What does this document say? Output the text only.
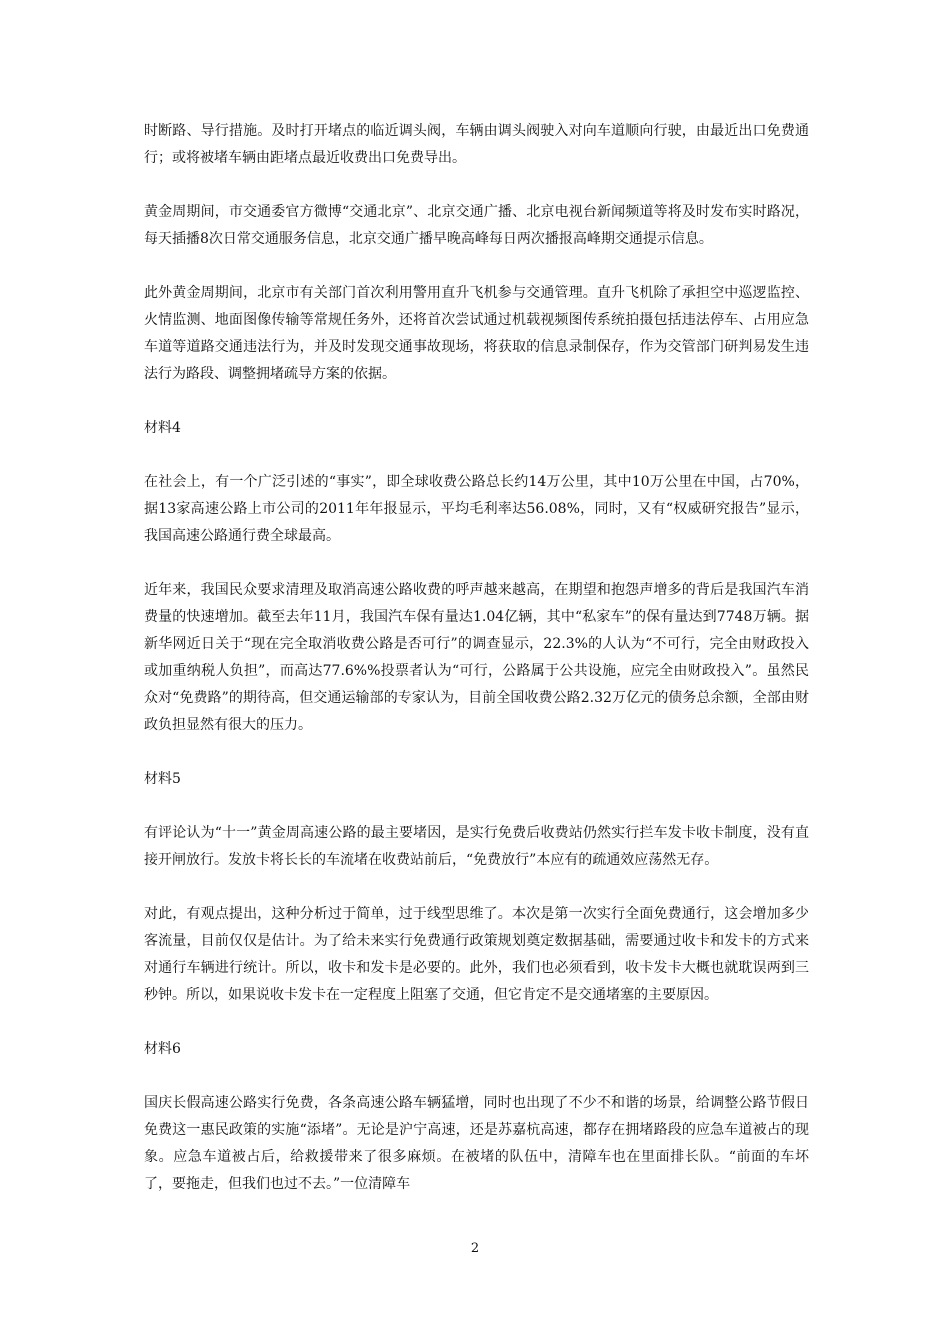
时断路、导行措施。及时打开堵点的临近调头阀，车辆由调头阀驶入对向车道顺向行驶，由最近出口免费通行；或将被堵车辆由距堵点最近收费出口免费导出。

黄金周期间，市交通委官方微博“交通北京”、北京交通广播、北京电视台新闻频道等将及时发布实时路况，每天插播8次日常交通服务信息，北京交通广播早晚高峰每日两次播报高峰期交通提示信息。

此外黄金周期间，北京市有关部门首次利用警用直升飞机参与交通管理。直升飞机除了承担空中巡逻监控、火情监测、地面图像传输等常规任务外，还将首次尝试通过机载视频图传系统拍摄包括违法停车、占用应急车道等道路交通违法行为，并及时发现交通事故现场，将获取的信息录制保存，作为交管部门研判易发生违法行为路段、调整拥堵疏导方案的依据。

材料4

在社会上，有一个广泛引述的“事实”，即全球收费公路总长约14万公里，其中10万公里在中国，占70%，据13家高速公路上市公司的2011年年报显示，平均毛利率达56.08%，同时，又有“权威研究报告”显示，我国高速公路通行费全球最高。

近年来，我国民众要求清理及取消高速公路收费的呼声越来越高，在期望和抱怨声增多的背后是我国汽车消费量的快速增加。截至去年11月，我国汽车保有量达1.04亿辆，其中“私家车”的保有量达到7748万辆。据新华网近日关于“现在完全取消收费公路是否可行”的调查显示，22.3%的人认为“不可行，完全由财政投入或加重纳税人负担”，而高达77.6%%投票者认为“可行，公路属于公共设施，应完全由财政投入”。虽然民众对“免费路”的期待高，但交通运输部的专家认为，目前全国收费公路2.32万亿元的债务总余额，全部由财政负担显然有很大的压力。

材料5

有评论认为“十一”黄金周高速公路的最主要堵因，是实行免费后收费站仍然实行拦车发卡收卡制度，没有直接开闸放行。发放卡将长长的车流堵在收费站前后，“免费放行”本应有的疏通效应荡然无存。

对此，有观点提出，这种分析过于简单，过于线型思维了。本次是第一次实行全面免费通行，这会增加多少客流量，目前仅仅是估计。为了给未来实行免费通行政策规划奠定数据基础，需要通过收卡和发卡的方式来对通行车辆进行统计。所以，收卡和发卡是必要的。此外，我们也必须看到，收卡发卡大概也就耽误两到三秒钟。所以，如果说收卡发卡在一定程度上阻塞了交通，但它肯定不是交通堵塞的主要原因。

材料6

国庆长假高速公路实行免费，各条高速公路车辆猛增，同时也出现了不少不和谐的场景，给调整公路节假日免费这一惠民政策的实施“添堵”。无论是沪宁高速，还是苏嘉杭高速，都存在拥堵路段的应急车道被占的现象。应急车道被占后，给救援带来了很多麻烦。在被堵的队伍中，清障车也在里面排长队。“前面的车坏了，要拖走，但我们也过不去。”一位清障车

2
